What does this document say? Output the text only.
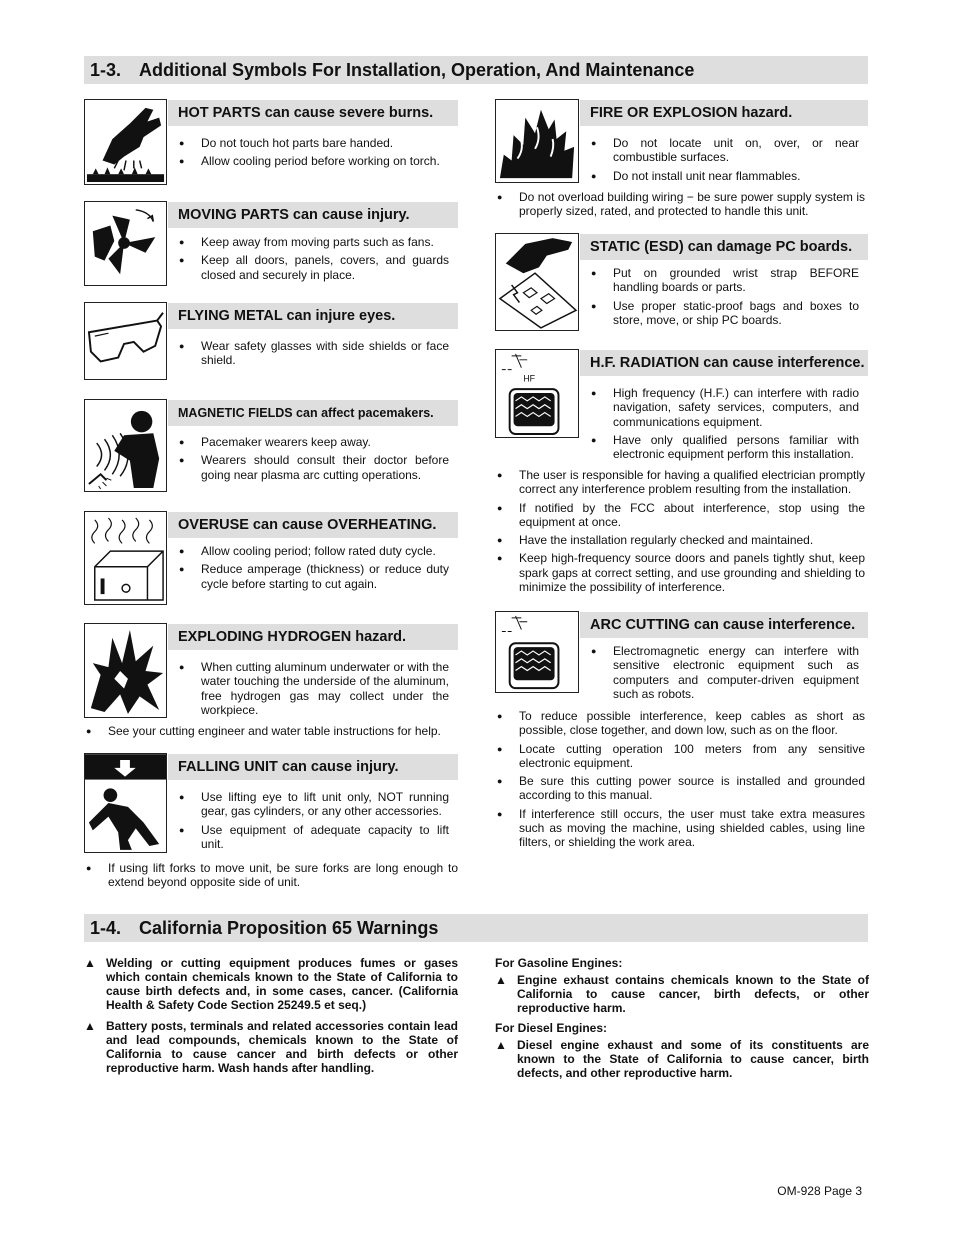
1-3. Additional Symbols For Installation, Operation, And Maintenance
HOT PARTS can cause severe burns.
● Do not touch hot parts bare handed.
● Allow cooling period before working on torch.
MOVING PARTS can cause injury.
● Keep away from moving parts such as fans.
● Keep all doors, panels, covers, and guards closed and securely in place.
FLYING METAL can injure eyes.
● Wear safety glasses with side shields or face shield.
MAGNETIC FIELDS can affect pacemakers.
● Pacemaker wearers keep away.
● Wearers should consult their doctor before going near plasma arc cutting operations.
OVERUSE can cause OVERHEATING.
● Allow cooling period; follow rated duty cycle.
● Reduce amperage (thickness) or reduce duty cycle before starting to cut again.
EXPLODING HYDROGEN hazard.
● When cutting aluminum underwater or with the water touching the underside of the aluminum, free hydrogen gas may collect under the workpiece.
● See your cutting engineer and water table instructions for help.
FALLING UNIT can cause injury.
● Use lifting eye to lift unit only, NOT running gear, gas cylinders, or any other accessories.
● Use equipment of adequate capacity to lift unit.
● If using lift forks to move unit, be sure forks are long enough to extend beyond opposite side of unit.
FIRE OR EXPLOSION hazard.
● Do not locate unit on, over, or near combustible surfaces.
● Do not install unit near flammables.
● Do not overload building wiring − be sure power supply system is properly sized, rated, and protected to handle this unit.
STATIC (ESD) can damage PC boards.
● Put on grounded wrist strap BEFORE handling boards or parts.
● Use proper static-proof bags and boxes to store, move, or ship PC boards.
HF
H.F. RADIATION can cause interference.
● High frequency (H.F.) can interfere with radio navigation, safety services, computers, and communications equipment.
● Have only qualified persons familiar with electronic equipment perform this installation.
● The user is responsible for having a qualified electrician promptly correct any interference problem resulting from the installation.
● If notified by the FCC about interference, stop using the equipment at once.
● Have the installation regularly checked and maintained.
● Keep high-frequency source doors and panels tightly shut, keep spark gaps at correct setting, and use grounding and shielding to minimize the possibility of interference.
ARC CUTTING can cause interference.
● Electromagnetic energy can interfere with sensitive electronic equipment such as computers and computer-driven equipment such as robots.
● To reduce possible interference, keep cables as short as possible, close together, and down low, such as on the floor.
● Locate cutting operation 100 meters from any sensitive electronic equipment.
● Be sure this cutting power source is installed and grounded according to this manual.
● If interference still occurs, the user must take extra measures such as moving the machine, using shielded cables, using line filters, or shielding the work area.
1-4. California Proposition 65 Warnings
▲ Welding or cutting equipment produces fumes or gases which contain chemicals known to the State of California to cause birth defects and, in some cases, cancer. (California Health & Safety Code Section 25249.5 et seq.)
▲ Battery posts, terminals and related accessories contain lead and lead compounds, chemicals known to the State of California to cause cancer and birth defects or other reproductive harm. Wash hands after handling.
For Gasoline Engines:
▲ Engine exhaust contains chemicals known to the State of California to cause cancer, birth defects, or other reproductive harm.
For Diesel Engines:
▲ Diesel engine exhaust and some of its constituents are known to the State of California to cause cancer, birth defects, and other reproductive harm.
OM-928 Page 3
